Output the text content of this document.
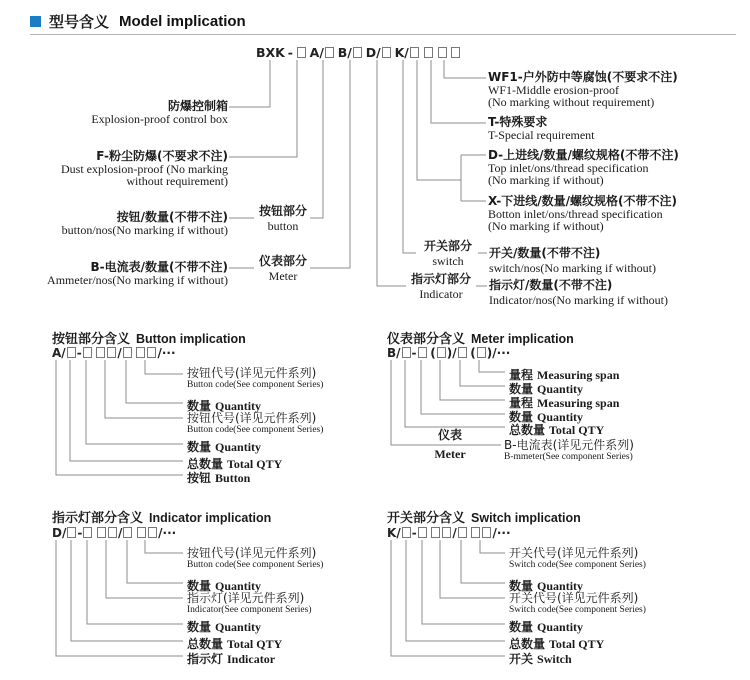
型号含义 Model implication
BXK - A/ B/ D/ K/
防爆控制箱
Explosion-proof control box
F-粉尘防爆(不要求不注)
Dust explosion-proof (No marking
without requirement)
按钮/数量(不带不注)
button/nos(No marking if without)
B-电流表/数量(不带不注)
Ammeter/nos(No marking if without)
按钮部分
button
仪表部分
Meter
开关部分
switch
指示灯部分
Indicator
WF1-户外防中等腐蚀(不要求不注)
WF1-Middle erosion-proof
(No marking without requirement)
T-特殊要求
T-Special requirement
D-上进线/数量/螺纹规格(不带不注)
Top inlet/ons/thread specification
(No marking if without)
X-下进线/数量/螺纹规格(不带不注)
Botton inlet/ons/thread specification
(No marking if without)
开关/数量(不带不注)
switch/nos(No marking if without)
指示灯/数量(不带不注)
Indicator/nos(No marking if without)
按钮部分含义 Button implication
A/ -	/	/···
按钮代号(详见元件系列)
Button code(See component Series)
数量 Quantity
按钮代号(详见元件系列)
Button code(See component Series)
数量 Quantity
总数量 Total QTY
按钮 Button
仪表部分含义 Meter implication
B/ - ( )/ ( )/···
量程 Measuring span
数量 Quantity
量程 Measuring span
数量 Quantity
总数量 Total QTY
B-电流表(详见元件系列)
B-mmeter(See component Series)
仪表
Meter
指示灯部分含义 Indicator implication
D/ -	/	/···
按钮代号(详见元件系列)
Button code(See component Series)
数量 Quantity
指示灯(详见元件系列)
Indicator(See component Series)
数量 Quantity
总数量 Total QTY
指示灯 Indicator
开关部分含义 Switch implication
K/ -	/	/···
开关代号(详见元件系列)
Switch code(See component Series)
数量 Quantity
开关代号(详见元件系列)
Switch code(See component Series)
数量 Quantity
总数量 Total QTY
开关 Switch
